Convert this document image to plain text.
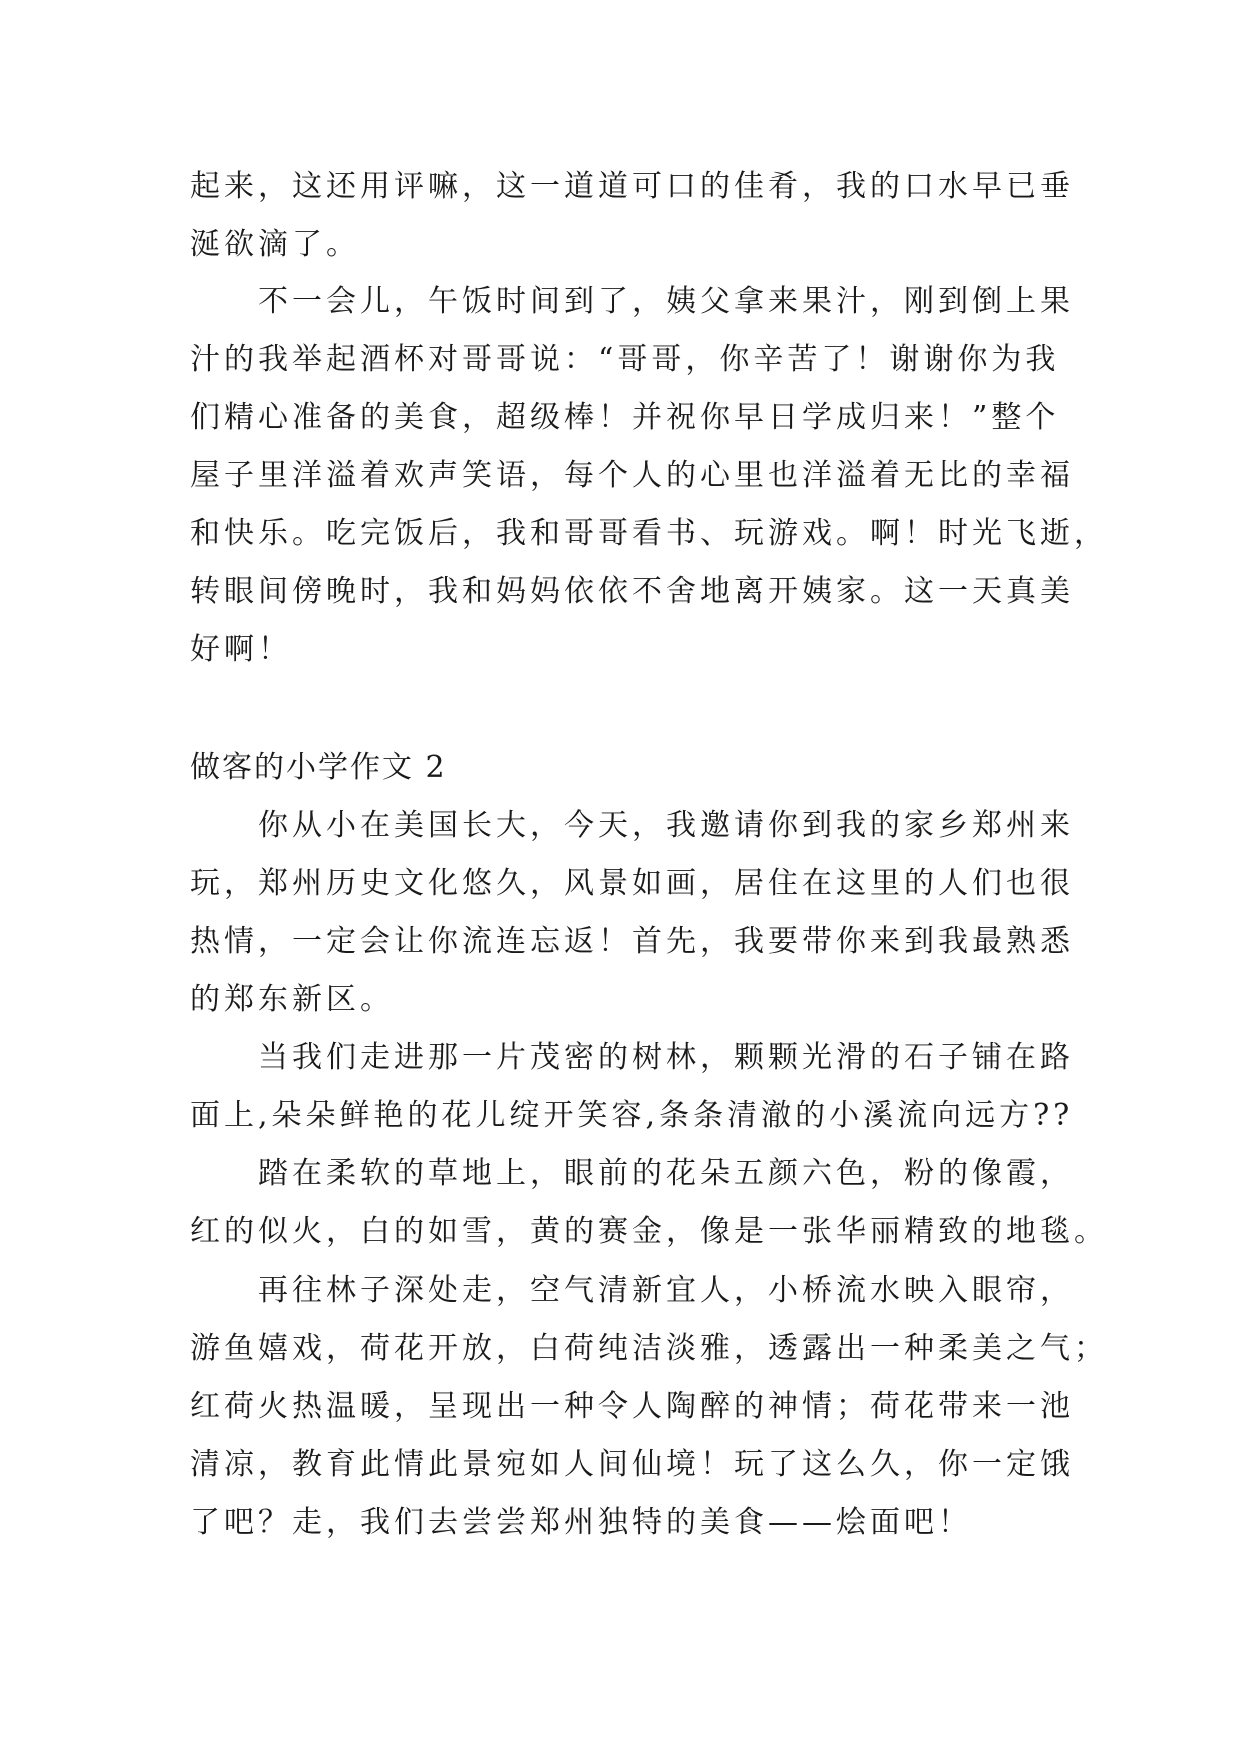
起来，这还用评嘛，这一道道可口的佳肴，我的口水早已垂
涎欲滴了。
不一会儿，午饭时间到了，姨父拿来果汁，刚到倒上果
汁的我举起酒杯对哥哥说：“哥哥，你辛苦了！谢谢你为我
们精心准备的美食，超级棒！并祝你早日学成归来！”整个
屋子里洋溢着欢声笑语，每个人的心里也洋溢着无比的幸福
和快乐。吃完饭后，我和哥哥看书、玩游戏。啊！时光飞逝，
转眼间傍晚时，我和妈妈依依不舍地离开姨家。这一天真美
好啊！
做客的小学作文 2
你从小在美国长大，今天，我邀请你到我的家乡郑州来
玩，郑州历史文化悠久，风景如画，居住在这里的人们也很
热情，一定会让你流连忘返！首先，我要带你来到我最熟悉
的郑东新区。
当我们走进那一片茂密的树林，颗颗光滑的石子铺在路
面上,朵朵鲜艳的花儿绽开笑容,条条清澈的小溪流向远方??
踏在柔软的草地上，眼前的花朵五颜六色，粉的像霞，
红的似火，白的如雪，黄的赛金，像是一张华丽精致的地毯。
再往林子深处走，空气清新宜人，小桥流水映入眼帘，
游鱼嬉戏，荷花开放，白荷纯洁淡雅，透露出一种柔美之气；
红荷火热温暖，呈现出一种令人陶醉的神情；荷花带来一池
清凉，教育此情此景宛如人间仙境！玩了这么久，你一定饿
了吧？走，我们去尝尝郑州独特的美食——烩面吧！
